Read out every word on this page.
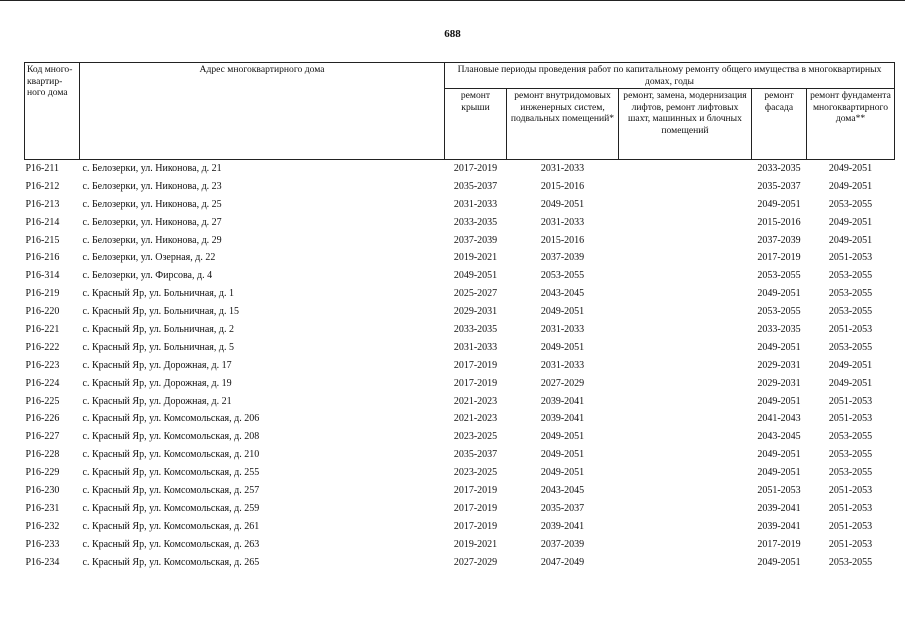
688
Код много-квартир-ного дома	Адрес многоквартирного дома	Плановые периоды проведения работ по капитальному ремонту общего имущества в многоквартирных домах, годы				
		ремонт крыши	ремонт внутридомовых инженерных систем, подвальных помещений*	ремонт, замена, модернизация лифтов, ремонт лифтовых шахт, машинных и блочных помещений	ремонт фасада	ремонт фундамента многоквартирного дома**
Р16-211	с. Белозерки, ул. Никонова, д. 21	2017-2019	2031-2033		2033-2035	2049-2051
Р16-212	с. Белозерки, ул. Никонова, д. 23	2035-2037	2015-2016		2035-2037	2049-2051
Р16-213	с. Белозерки, ул. Никонова, д. 25	2031-2033	2049-2051		2049-2051	2053-2055
Р16-214	с. Белозерки, ул. Никонова, д. 27	2033-2035	2031-2033		2015-2016	2049-2051
Р16-215	с. Белозерки, ул. Никонова, д. 29	2037-2039	2015-2016		2037-2039	2049-2051
Р16-216	с. Белозерки, ул. Озерная, д. 22	2019-2021	2037-2039		2017-2019	2051-2053
Р16-314	с. Белозерки, ул. Фирсова, д. 4	2049-2051	2053-2055		2053-2055	2053-2055
Р16-219	с. Красный Яр, ул. Больничная, д. 1	2025-2027	2043-2045		2049-2051	2053-2055
Р16-220	с. Красный Яр, ул. Больничная, д. 15	2029-2031	2049-2051		2053-2055	2053-2055
Р16-221	с. Красный Яр, ул. Больничная, д. 2	2033-2035	2031-2033		2033-2035	2051-2053
Р16-222	с. Красный Яр, ул. Больничная, д. 5	2031-2033	2049-2051		2049-2051	2053-2055
Р16-223	с. Красный Яр, ул. Дорожная, д. 17	2017-2019	2031-2033		2029-2031	2049-2051
Р16-224	с. Красный Яр, ул. Дорожная, д. 19	2017-2019	2027-2029		2029-2031	2049-2051
Р16-225	с. Красный Яр, ул. Дорожная, д. 21	2021-2023	2039-2041		2049-2051	2051-2053
Р16-226	с. Красный Яр, ул. Комсомольская, д. 206	2021-2023	2039-2041		2041-2043	2051-2053
Р16-227	с. Красный Яр, ул. Комсомольская, д. 208	2023-2025	2049-2051		2043-2045	2053-2055
Р16-228	с. Красный Яр, ул. Комсомольская, д. 210	2035-2037	2049-2051		2049-2051	2053-2055
Р16-229	с. Красный Яр, ул. Комсомольская, д. 255	2023-2025	2049-2051		2049-2051	2053-2055
Р16-230	с. Красный Яр, ул. Комсомольская, д. 257	2017-2019	2043-2045		2051-2053	2051-2053
Р16-231	с. Красный Яр, ул. Комсомольская, д. 259	2017-2019	2035-2037		2039-2041	2051-2053
Р16-232	с. Красный Яр, ул. Комсомольская, д. 261	2017-2019	2039-2041		2039-2041	2051-2053
Р16-233	с. Красный Яр, ул. Комсомольская, д. 263	2019-2021	2037-2039		2017-2019	2051-2053
Р16-234	с. Красный Яр, ул. Комсомольская, д. 265	2027-2029	2047-2049		2049-2051	2053-2055
